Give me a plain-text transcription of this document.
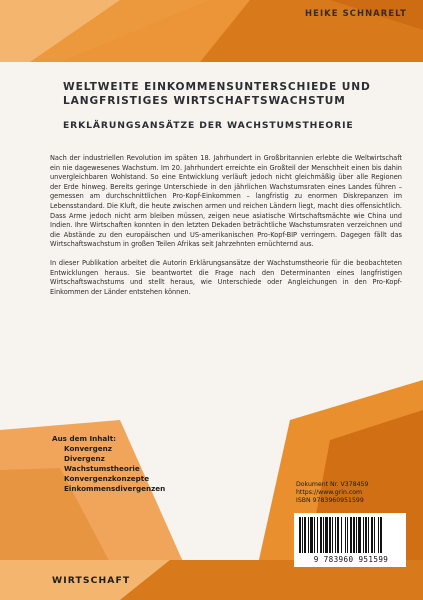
HEIKE SCHNARELT
WELTWEITE EINKOMMENSUNTERSCHIEDE UND
LANGFRISTIGES WIRTSCHAFTSWACHSTUM
ERKLÄRUNGSANSÄTZE DER WACHSTUMSTHEORIE

Nach der industriellen Revolution im späten 18. Jahrhundert in Großbritannien erlebte die Weltwirtschaft ein nie dagewesenes Wachstum. Im 20. Jahrhundert erreichte ein Großteil der Menschheit einen bis dahin unvergleichbaren Wohlstand. So eine Entwicklung verläuft jedoch nicht gleichmäßig über alle Regionen der Erde hinweg. Bereits geringe Unterschiede in den jährlichen Wachstumsraten eines Landes führen – gemessen am durchschnittlichen Pro-Kopf-Einkommen – langfristig zu enormen Diskrepanzen im Lebensstandard. Die Kluft, die heute zwischen armen und reichen Ländern liegt, macht dies offensichtlich. Dass Arme jedoch nicht arm bleiben müssen, zeigen neue asiatische Wirtschaftsmächte wie China und Indien. Ihre Wirtschaften konnten in den letzten Dekaden beträchtliche Wachstumsraten verzeichnen und die Abstände zu den europäischen und US-amerikanischen Pro-Kopf-BIP verringern. Dagegen fällt das Wirtschaftswachstum in großen Teilen Afrikas seit Jahrzehnten ernüchternd aus.

In dieser Publikation arbeitet die Autorin Erklärungsansätze der Wachstumstheorie für die beobachteten Entwicklungen heraus. Sie beantwortet die Frage nach den Determinanten eines langfristigen Wirtschaftswachstums und stellt heraus, wie Unterschiede oder Angleichungen in den Pro-Kopf-Einkommen der Länder entstehen können.

Aus dem Inhalt:
Konvergenz
Divergenz
Wachstumstheorie
Konvergenzkonzepte
Einkommensdivergenzen	Dokument Nr. V378459
https://www.grin.com
ISBN 9783960951599
9 783960 951599
WIRTSCHAFT
